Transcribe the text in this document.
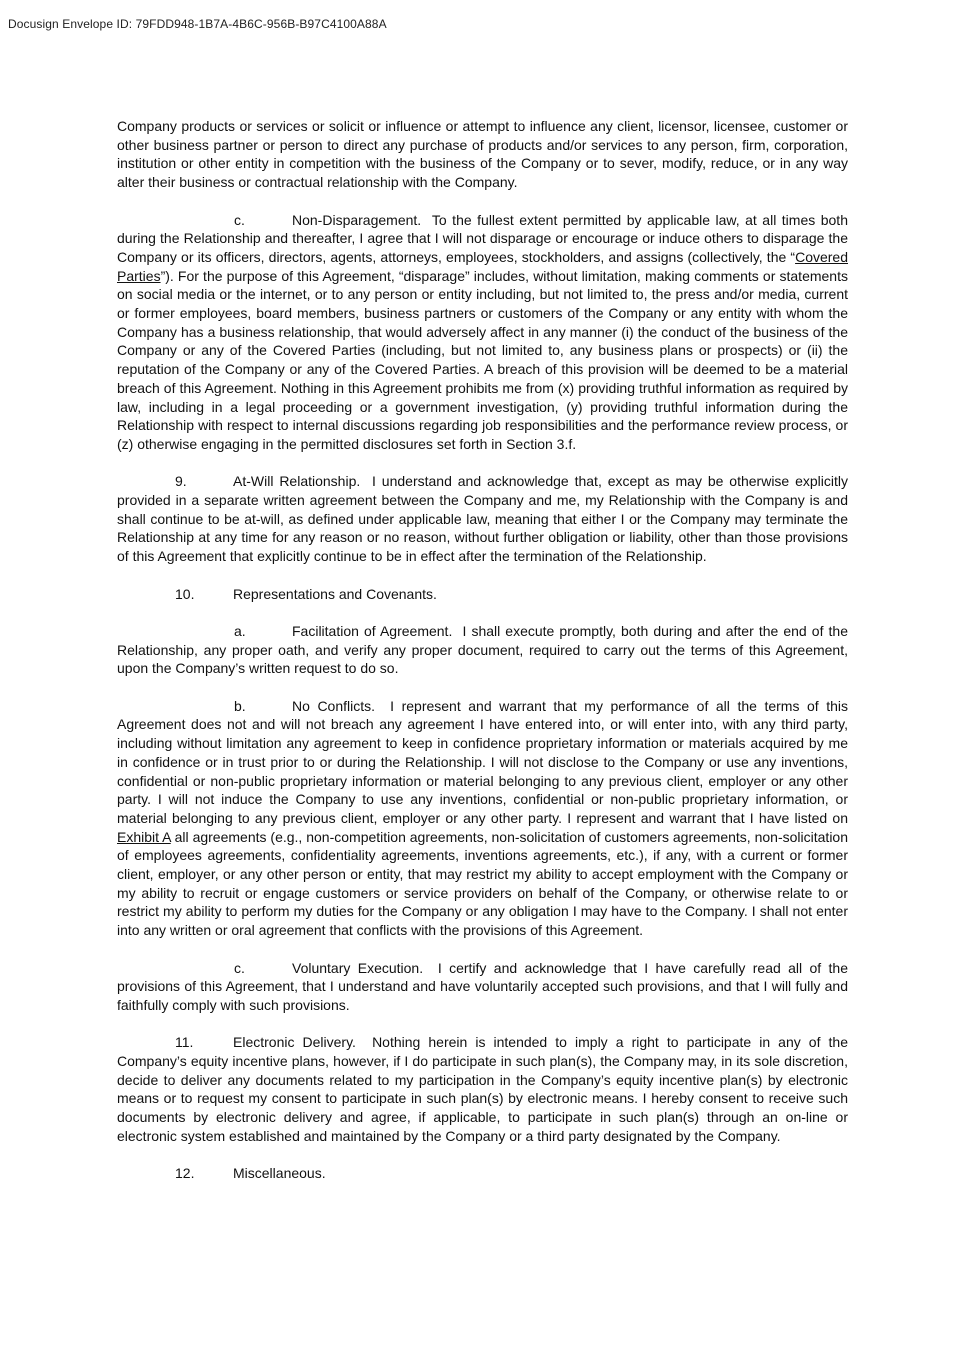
Docusign Envelope ID: 79FDD948-1B7A-4B6C-956B-B97C4100A88A

Company products or services or solicit or influence or attempt to influence any client, licensor, licensee, customer or other business partner or person to direct any purchase of products and/or services to any person, firm, corporation, institution or other entity in competition with the business of the Company or to sever, modify, reduce, or in any way alter their business or contractual relationship with the Company.

c.	Non-Disparagement. To the fullest extent permitted by applicable law, at all times both during the Relationship and thereafter, I agree that I will not disparage or encourage or induce others to disparage the Company or its officers, directors, agents, attorneys, employees, stockholders, and assigns (collectively, the “Covered Parties”). For the purpose of this Agreement, “disparage” includes, without limitation, making comments or statements on social media or the internet, or to any person or entity including, but not limited to, the press and/or media, current or former employees, board members, business partners or customers of the Company or any entity with whom the Company has a business relationship, that would adversely affect in any manner (i) the conduct of the business of the Company or any of the Covered Parties (including, but not limited to, any business plans or prospects) or (ii) the reputation of the Company or any of the Covered Parties. A breach of this provision will be deemed to be a material breach of this Agreement. Nothing in this Agreement prohibits me from (x) providing truthful information as required by law, including in a legal proceeding or a government investigation, (y) providing truthful information during the Relationship with respect to internal discussions regarding job responsibilities and the performance review process, or (z) otherwise engaging in the permitted disclosures set forth in Section 3.f.

9.	At-Will Relationship. I understand and acknowledge that, except as may be otherwise explicitly provided in a separate written agreement between the Company and me, my Relationship with the Company is and shall continue to be at-will, as defined under applicable law, meaning that either I or the Company may terminate the Relationship at any time for any reason or no reason, without further obligation or liability, other than those provisions of this Agreement that explicitly continue to be in effect after the termination of the Relationship.

10.	Representations and Covenants.

a.	Facilitation of Agreement. I shall execute promptly, both during and after the end of the Relationship, any proper oath, and verify any proper document, required to carry out the terms of this Agreement, upon the Company’s written request to do so.

b.	No Conflicts. I represent and warrant that my performance of all the terms of this Agreement does not and will not breach any agreement I have entered into, or will enter into, with any third party, including without limitation any agreement to keep in confidence proprietary information or materials acquired by me in confidence or in trust prior to or during the Relationship. I will not disclose to the Company or use any inventions, confidential or non-public proprietary information or material belonging to any previous client, employer or any other party. I will not induce the Company to use any inventions, confidential or non-public proprietary information, or material belonging to any previous client, employer or any other party. I represent and warrant that I have listed on Exhibit A all agreements (e.g., non-competition agreements, non-solicitation of customers agreements, non-solicitation of employees agreements, confidentiality agreements, inventions agreements, etc.), if any, with a current or former client, employer, or any other person or entity, that may restrict my ability to accept employment with the Company or my ability to recruit or engage customers or service providers on behalf of the Company, or otherwise relate to or restrict my ability to perform my duties for the Company or any obligation I may have to the Company. I shall not enter into any written or oral agreement that conflicts with the provisions of this Agreement.

c.	Voluntary Execution. I certify and acknowledge that I have carefully read all of the provisions of this Agreement, that I understand and have voluntarily accepted such provisions, and that I will fully and faithfully comply with such provisions.

11.	Electronic Delivery. Nothing herein is intended to imply a right to participate in any of the Company’s equity incentive plans, however, if I do participate in such plan(s), the Company may, in its sole discretion, decide to deliver any documents related to my participation in the Company’s equity incentive plan(s) by electronic means or to request my consent to participate in such plan(s) by electronic means. I hereby consent to receive such documents by electronic delivery and agree, if applicable, to participate in such plan(s) through an on-line or electronic system established and maintained by the Company or a third party designated by the Company.

12.	Miscellaneous.
